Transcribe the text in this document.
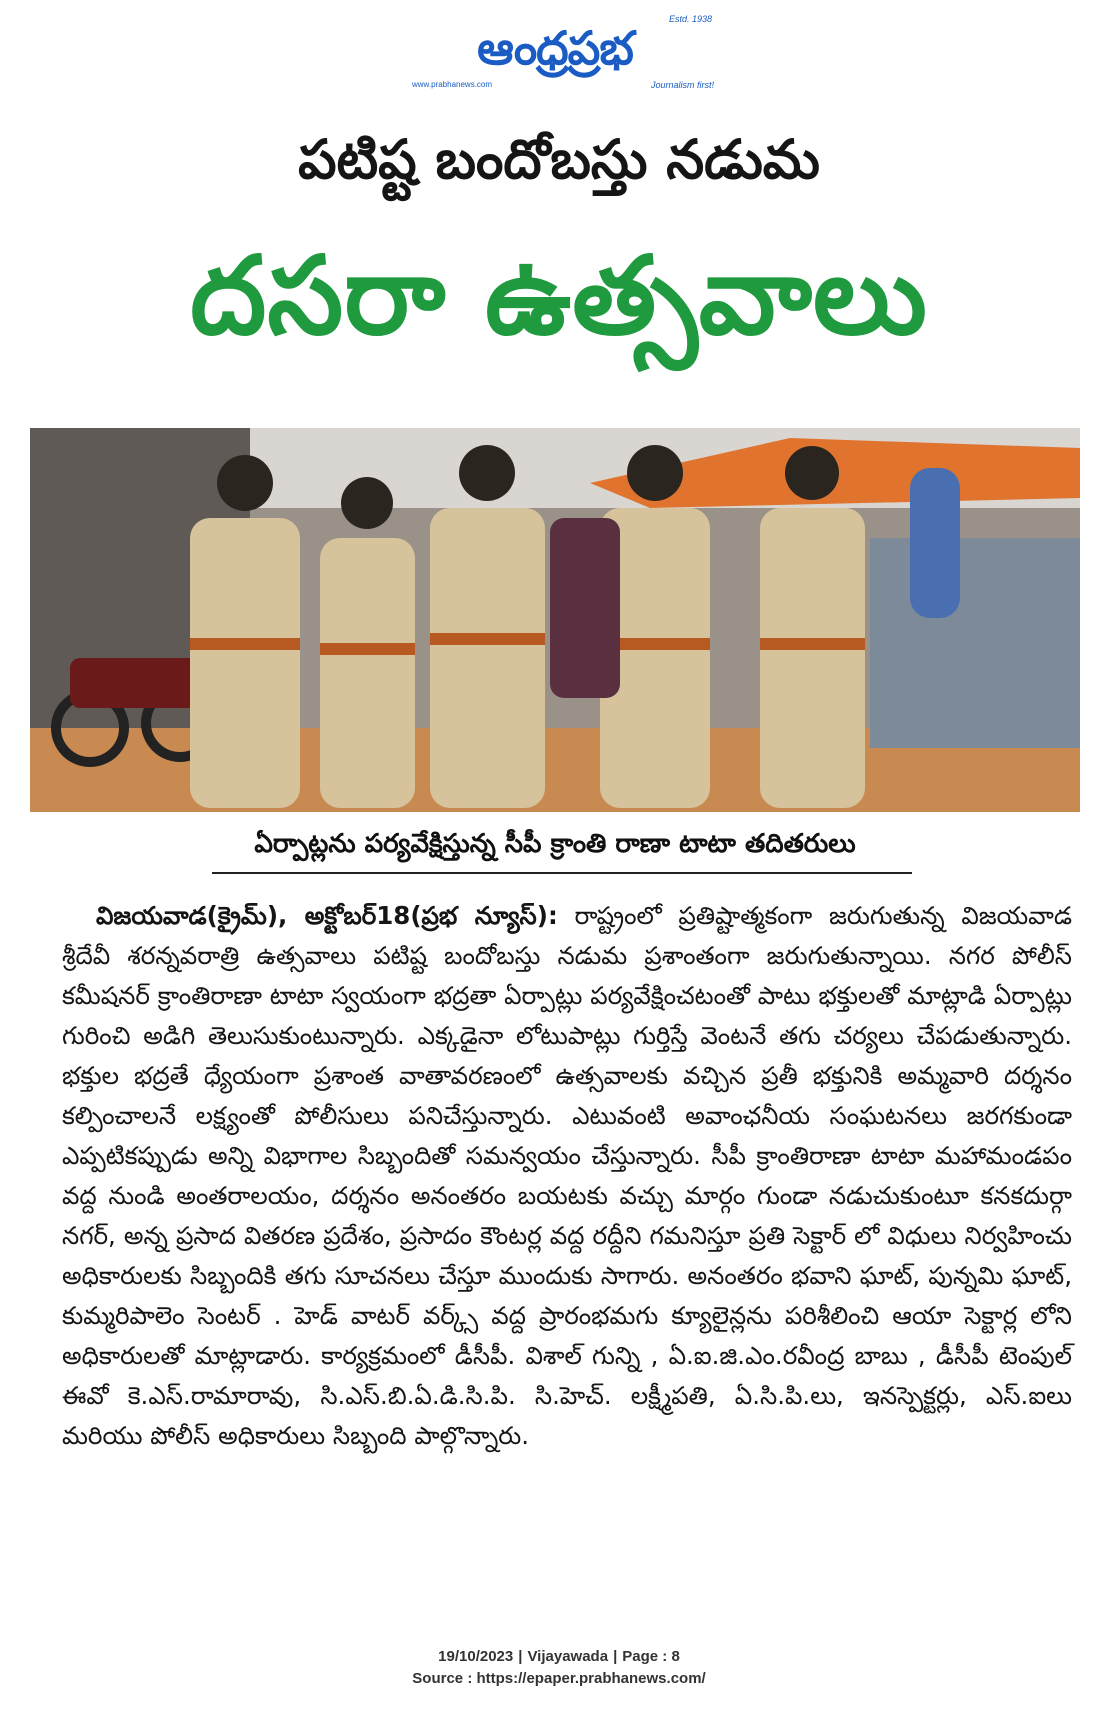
Estd. 1938
ఆంధ్రప్రభ
www.prabhanews.com	Journalism first!
పటిష్ట బందోబస్తు నడుమ
దసరా ఉత్సవాలు
ఏర్పాట్లను పర్యవేక్షిస్తున్న సీపీ క్రాంతి రాణా టాటా తదితరులు

విజయవాడ(క్రైమ్), అక్టోబర్18(ప్రభ న్యూస్): రాష్ట్రంలో ప్రతిష్టాత్మకంగా జరుగుతున్న విజయవాడ శ్రీదేవీ శరన్నవరాత్రి ఉత్సవాలు పటిష్ట బందోబస్తు నడుమ ప్రశాంతంగా జరుగుతున్నాయి. నగర పోలీస్ కమీషనర్ క్రాంతిరాణా టాటా స్వయంగా భద్రతా ఏర్పాట్లు పర్యవేక్షించటంతో పాటు భక్తులతో మాట్లాడి ఏర్పాట్లు గురించి అడిగి తెలుసుకుంటున్నారు. ఎక్కడైనా లోటుపాట్లు గుర్తిస్తే వెంటనే తగు చర్యలు చేపడుతున్నారు. భక్తుల భద్రతే ధ్యేయంగా ప్రశాంత వాతావరణంలో ఉత్సవాలకు వచ్చిన ప్రతీ భక్తునికి అమ్మవారి దర్శనం కల్పించాలనే లక్ష్యంతో పోలీసులు పనిచేస్తున్నారు. ఎటువంటి అవాంఛనీయ సంఘటనలు జరగకుండా ఎప్పటికప్పుడు అన్ని విభాగాల సిబ్బందితో సమన్వయం చేస్తున్నారు. సీపీ క్రాంతిరాణా టాటా మహామండపం వద్ద నుండి అంతరాలయం, దర్శనం అనంతరం బయటకు వచ్చు మార్గం గుండా నడుచుకుంటూ కనకదుర్గా నగర్, అన్న ప్రసాద వితరణ ప్రదేశం, ప్రసాదం కౌంటర్ల వద్ద రద్దీని గమనిస్తూ ప్రతి సెక్టార్ లో విధులు నిర్వహించు అధికారులకు సిబ్బందికి తగు సూచనలు చేస్తూ ముందుకు సాగారు. అనంతరం భవాని ఘాట్, పున్నమి ఘాట్, కుమ్మరిపాలెం సెంటర్ . హెడ్ వాటర్ వర్క్స్ వద్ద ప్రారంభమగు క్యూలైన్లను పరిశీలించి ఆయా సెక్టార్ల లోని అధికారులతో మాట్లాడారు. కార్యక్రమంలో డీసీపీ. విశాల్ గున్ని , ఏ.ఐ.జి.ఎం.రవీంద్ర బాబు , డీసీపీ టెంపుల్ ఈవో కె.ఎస్.రామారావు, సి.ఎస్.బి.ఏ.డి.సి.పి. సి.హెచ్. లక్ష్మీపతి, ఏ.సి.పి.లు, ఇనస్పెక్టర్లు, ఎస్.ఐలు మరియు పోలీస్ అధికారులు సిబ్బంది పాల్గొన్నారు.

19/10/2023 | Vijayawada | Page : 8
Source : https://epaper.prabhanews.com/
